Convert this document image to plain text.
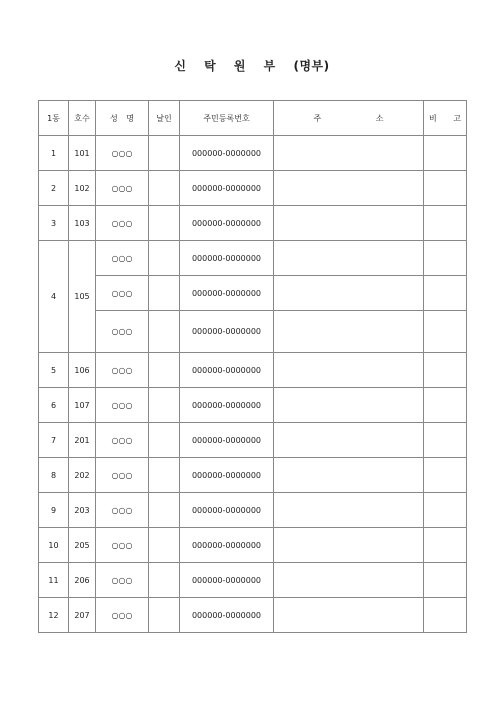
신 탁 원 부 (명부)
1동	호수	성 명	날인	주민등록번호	주 소	비 고
1	101	○○○		000000-0000000		
2	102	○○○		000000-0000000		
3	103	○○○		000000-0000000		
4	105	○○○		000000-0000000		
		○○○		000000-0000000		
		○○○		000000-0000000		
5	106	○○○		000000-0000000		
6	107	○○○		000000-0000000		
7	201	○○○		000000-0000000		
8	202	○○○		000000-0000000		
9	203	○○○		000000-0000000		
10	205	○○○		000000-0000000		
11	206	○○○		000000-0000000		
12	207	○○○		000000-0000000		
